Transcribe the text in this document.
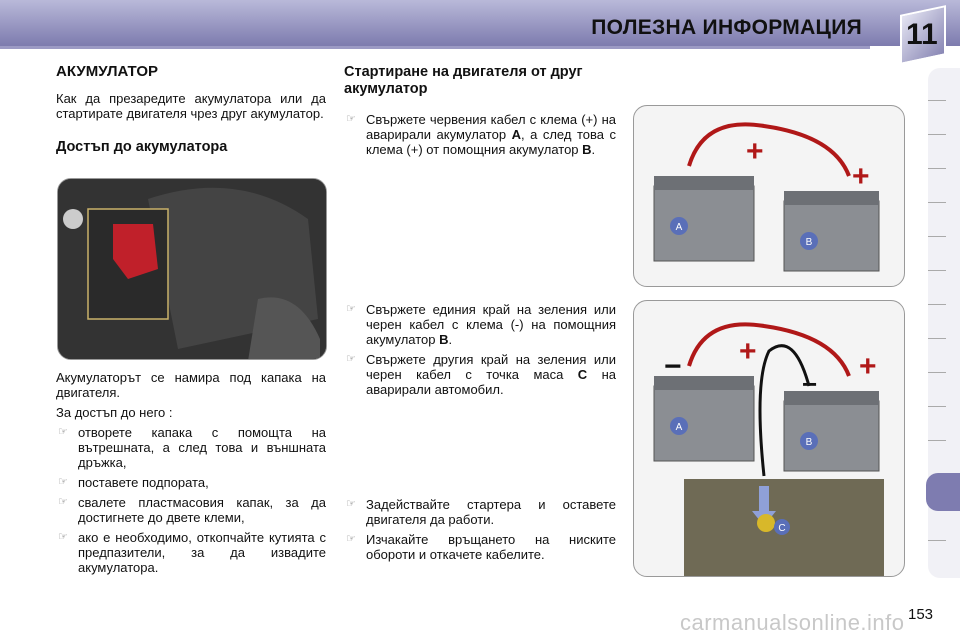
ПОЛЕЗНА ИНФОРМАЦИЯ 11
АКУМУЛАТОР

Как да презаредите акумулатора или да стартирате двигателя чрез друг акумулатор.

Достъп до акумулатора

Акумулаторът се намира под капака на двигателя.

За достъп до него :

☞ отворете капака с помощта на вътрешната, а след това и външната дръжка,
☞ поставете подпората,
☞ свалете пластмасовия капак, за да достигнете до двете клеми,
☞ ако е необходимо, откопчайте кутията с предпазители, за да извадите акумулатора.
Стартиране на двигателя от друг акумулатор
☞ Свържете червения кабел с клема (+) на аварирали акумулатор A, а след това с клема (+) от помощния акумулатор B.
☞ Свържете единия край на зеления или черен кабел с клема (-) на помощния акумулатор B.
☞ Свържете другия край на зеления или черен кабел с точка маса C на аварирали автомобил.
☞ Задействайте стартера и оставете двигателя да работи.
☞ Изчакайте връщането на ниските обороти и откачете кабелите.
A
B
+
+
A
B
+	+
−
−
C
carmanualsonline.info 153
